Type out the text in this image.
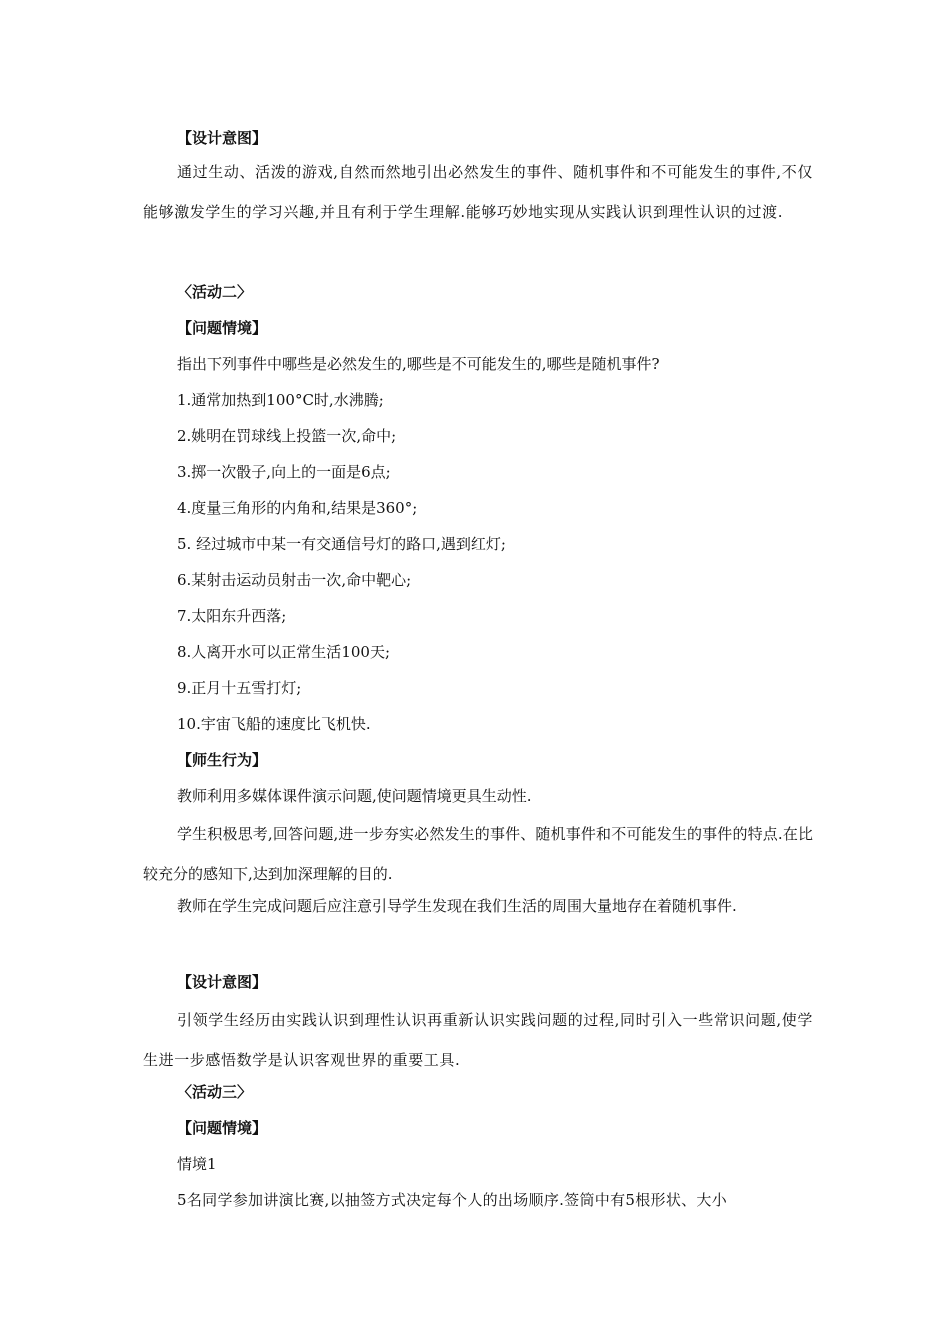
【设计意图】
通过生动、活泼的游戏,自然而然地引出必然发生的事件、随机事件和不可能发生的事件,不仅能够激发学生的学习兴趣,并且有利于学生理解.能够巧妙地实现从实践认识到理性认识的过渡.
〈活动二〉
【问题情境】
指出下列事件中哪些是必然发生的,哪些是不可能发生的,哪些是随机事件?
1.通常加热到100°C时,水沸腾;
2.姚明在罚球线上投篮一次,命中;
3.掷一次骰子,向上的一面是6点;
4.度量三角形的内角和,结果是360°;
5. 经过城市中某一有交通信号灯的路口,遇到红灯;
6.某射击运动员射击一次,命中靶心;
7.太阳东升西落;
8.人离开水可以正常生活100天;
9.正月十五雪打灯;
10.宇宙飞船的速度比飞机快.
【师生行为】
教师利用多媒体课件演示问题,使问题情境更具生动性.
学生积极思考,回答问题,进一步夯实必然发生的事件、随机事件和不可能发生的事件的特点.在比较充分的感知下,达到加深理解的目的.
教师在学生完成问题后应注意引导学生发现在我们生活的周围大量地存在着随机事件.
【设计意图】
引领学生经历由实践认识到理性认识再重新认识实践问题的过程,同时引入一些常识问题,使学生进一步感悟数学是认识客观世界的重要工具.
〈活动三〉
【问题情境】
情境1
5名同学参加讲演比赛,以抽签方式决定每个人的出场顺序.签筒中有5根形状、大小
